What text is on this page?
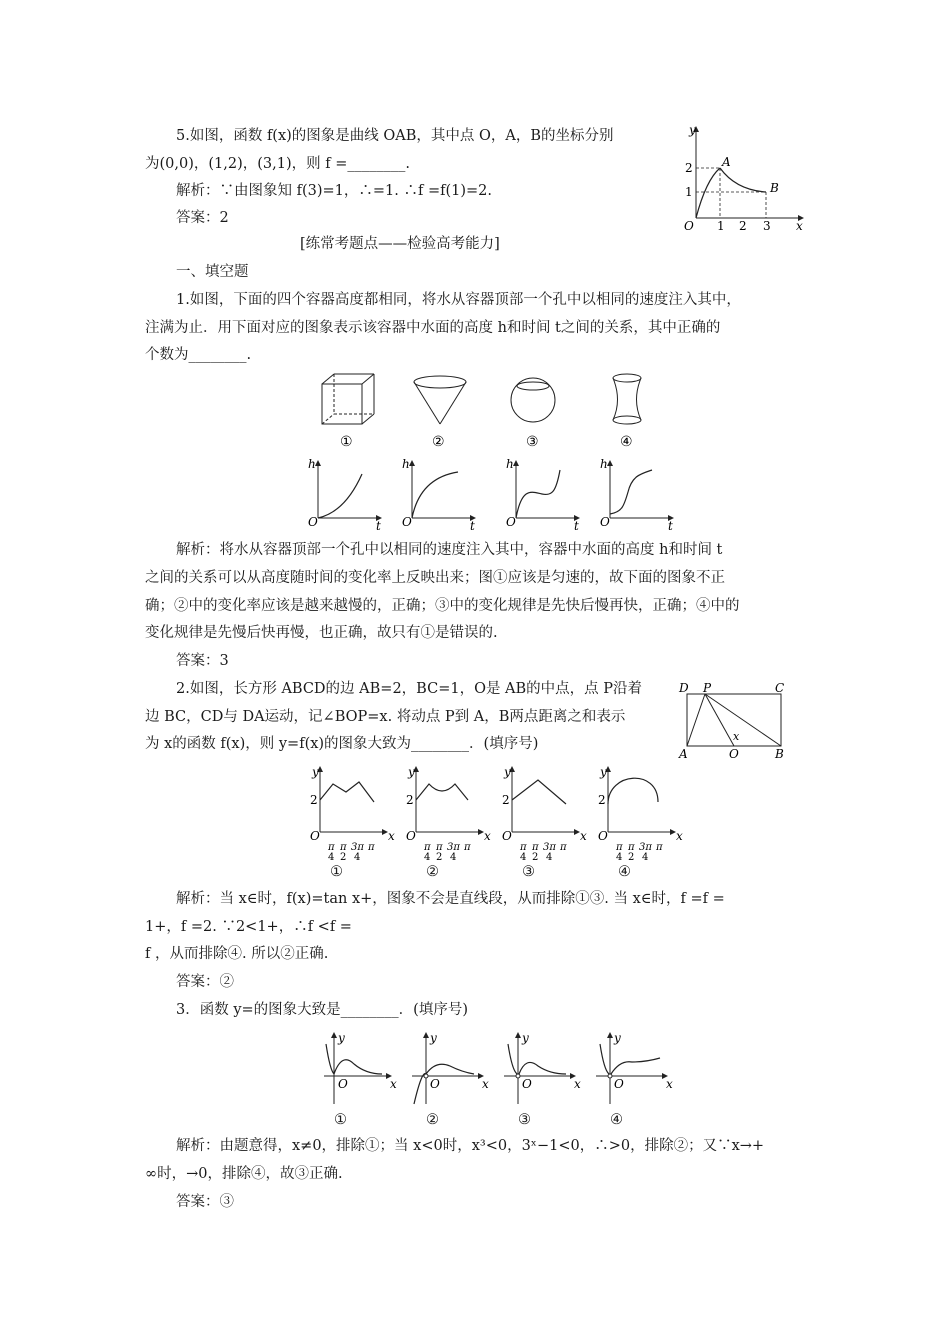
5.如图，函数 f(x)的图象是曲线 OAB，其中点 O，A，B的坐标分别
为(0,0)，(1,2)，(3,1)，则 f =________.
解析：∵由图象知 f(3)=1，∴=1. ∴f =f(1)=2.
答案：2
y
x
O
A
B
2
1
1 2 3
[练常考题点——检验高考能力]
一、填空题
1.如图，下面的四个容器高度都相同，将水从容器顶部一个孔中以相同的速度注入其中，
注满为止．用下面对应的图象表示该容器中水面的高度 h和时间 t之间的关系，其中正确的
个数为________.
①	②	③	④
h
t
O
h
t
O
h
t
O
h
t
O
解析：将水从容器顶部一个孔中以相同的速度注入其中，容器中水面的高度 h和时间 t
之间的关系可以从高度随时间的变化率上反映出来；图①应该是匀速的，故下面的图象不正
确；②中的变化率应该是越来越慢的，正确；③中的变化规律是先快后慢再快，正确；④中的
变化规律是先慢后快再慢，也正确，故只有①是错误的.
答案：3
2.如图，长方形 ABCD的边 AB=2，BC=1，O是 AB的中点，点 P沿着
边 BC，CD与 DA运动，记∠BOP=x. 将动点 P到 A，B两点距离之和表示
为 x的函数 f(x)，则 y=f(x)的图象大致为________．(填序号)
D P	C
A	O	B
x
y
x
O
2
π
4
π
2
3π
4
π
y
x
O
2
π
4
π
2
3π
4
π
y
x
O
2
π
4
π
2
3π
4
π
y
x
O
2
π
4
π
2
3π
4
π
①	②	③	④
解析：当 x∈时，f(x)=tan x+，图象不会是直线段，从而排除①③. 当 x∈时，f =f =
1+，f =2. ∵2<1+，∴f <f =
f ，从而排除④. 所以②正确.
答案：②
3．函数 y=的图象大致是________．(填序号)
y
x
O
y
x
O
y
x
O
y
x
O
①	②	③	④
解析：由题意得，x≠0，排除①；当 x<0时，x³<0，3ˣ−1<0，∴>0，排除②；又∵x→+
∞时，→0，排除④，故③正确.
答案：③
